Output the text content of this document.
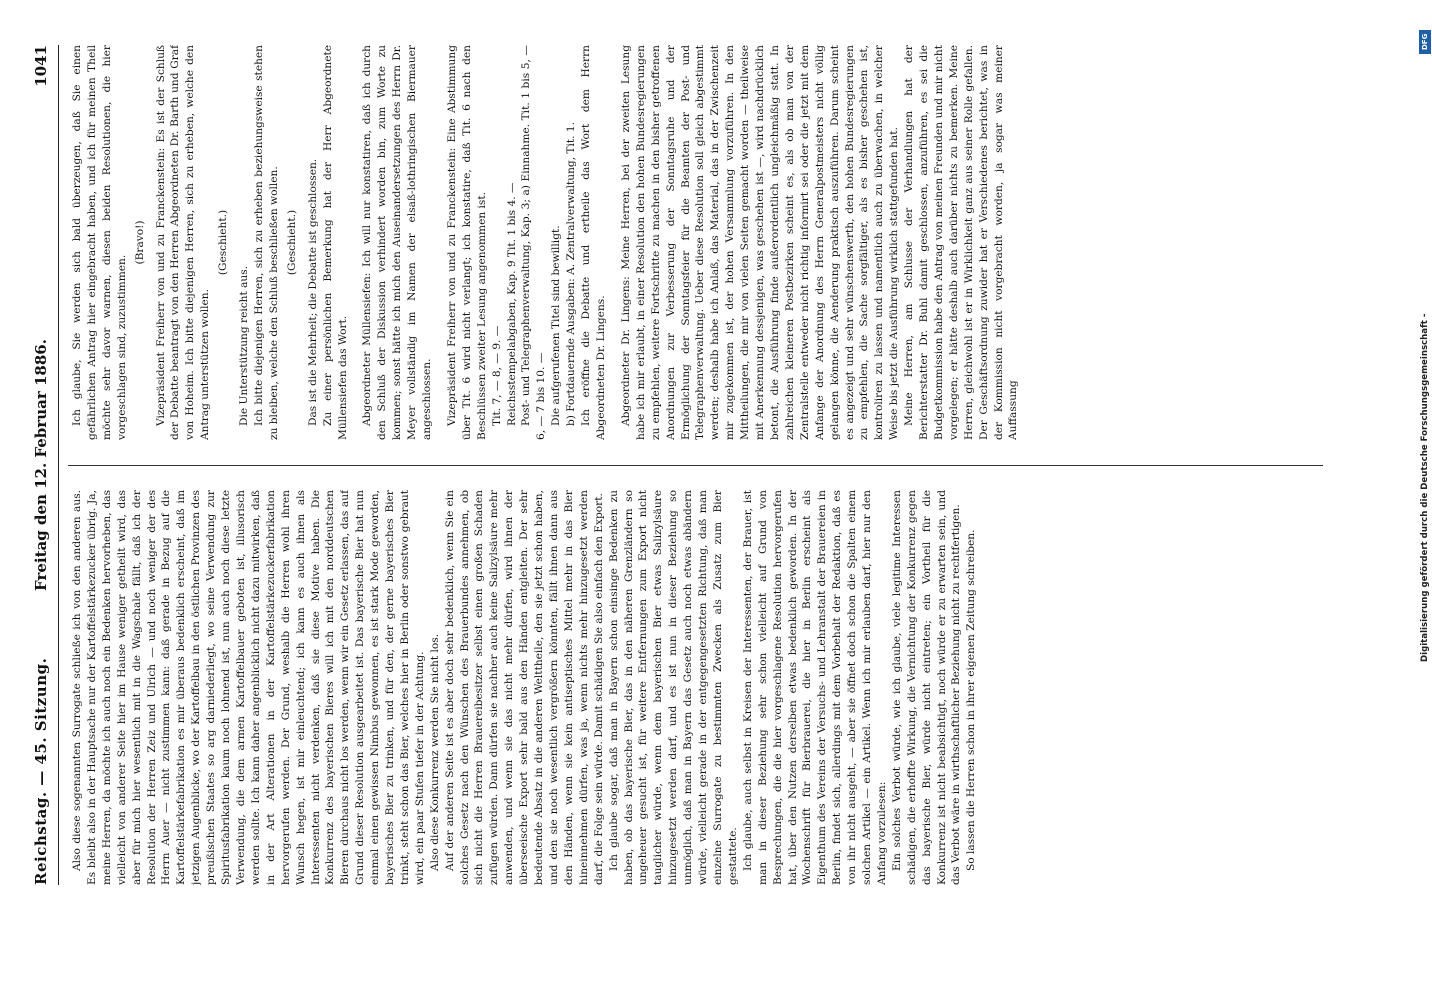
Reichstag. — 45. Sitzung.
Freitag den 12. Februar 1886.
1041

Also diese sogenannten Surrogate schließe ich von den anderen aus. Es bleibt also in der Hauptsache nur der Kartoffelstärkezucker übrig. Ja, meine Herren, da möchte ich auch noch ein Bedenken hervorheben, das vielleicht von anderer Seite hier im Hause weniger getheilt wird, das aber für mich hier wesentlich mit in die Wagschale fällt, daß ich der Resolution der Herren Zeiz und Ulrich — und noch weniger der des Herrn Auer — nicht zustimmen kann: daß gerade in Bezug auf die Kartoffelstärkefabrikation es mir überaus bedenklich erscheint, daß im jetzigen Augenblicke, wo der Kartoffelbau in den östlichen Provinzen des preußischen Staates so arg darniederliegt, wo seine Verwendung zur Spiritusfabrikation kaum noch lohnend ist, nun auch noch diese letzte Verwendung, die dem armen Kartoffelbauer geboten ist, illusorisch werden sollte. Ich kann daher angenblicklich nicht dazu mitwirken, daß in der Art Alterationen in der Kartoffelstärkezuckerfabrikation hervorgerufen werden. Der Grund, weshalb die Herren wohl ihren Wunsch hegen, ist mir einleuchtend; ich kann es auch ihnen als Interessenten nicht verdenken, daß sie diese Motive haben. Die Konkurrenz des bayerischen Bieres will ich mit den norddeutschen Bieren durchaus nicht los werden, wenn wir ein Gesetz erlassen, das auf Grund dieser Resolution ausgearbeitet ist. Das bayerische Bier hat nun einmal einen gewissen Nimbus gewonnen, es ist stark Mode geworden, bayerisches Bier zu trinken, und für den, der gerne bayerisches Bier trinkt, steht schon das Bier, welches hier in Berlin oder sonstwo gebraut wird, ein paar Stufen tiefer in der Achtung. Also diese Konkurrenz werden Sie nicht los. Auf der anderen Seite ist es aber doch sehr bedenklich, wenn Sie ein solches Gesetz nach den Wünschen des Brauerbundes annehmen, ob sich nicht die Herren Brauereibesitzer selbst einen großen Schaden zufügen würden. Dann dürfen sie nachher auch keine Salizylsäure mehr anwenden, und wenn sie das nicht mehr dürfen, wird ihnen der überseeische Export sehr bald aus den Händen entgleiten. Der sehr bedeutende Absatz in die anderen Welttheile, den sie jetzt schon haben, und den sie noch wesentlich vergrößern könnten, fällt ihnen dann aus den Händen, wenn sie kein antiseptisches Mittel mehr in das Bier hineinnehmen dürfen, was ja, wenn nichts mehr hinzugesetzt werden darf, die Folge sein würde. Damit schädigen Sie also einfach den Export. Ich glaube sogar, daß man in Bayern schon einsinge Bedenken zu haben, ob das bayerische Bier, das in den näheren Grenzländern so ungeheuer gesucht ist, für weitere Entfernungen zum Export nicht tauglicher würde, wenn dem bayerischen Bier etwas Salizylsäure hinzugesetzt werden darf, und es ist nun in dieser Beziehung so unmöglich, daß man in Bayern das Gesetz auch noch etwas abändern würde, vielleicht gerade in der entgegengesetzten Richtung, daß man einzelne Surrogate zu bestimmten Zwecken als Zusatz zum Bier gestattete. Ich glaube, auch selbst in Kreisen der Interessenten, der Brauer, ist man in dieser Beziehung sehr schon vielleicht auf Grund von Besprechungen, die die hier vorgeschlagene Resolution hervorgerufen hat, über den Nutzen derselben etwas bedenklich geworden. In der Wochenschrift für Bierbrauerei, die hier in Berlin erscheint als Eigenthum des Vereins der Versuchs- und Lehranstalt der Brauereien in Berlin, findet sich, allerdings mit dem Vorbehalt der Redaktion, daß es von ihr nicht ausgeht, — aber sie öffnet doch schon die Spalten einem solchen Artikel — ein Artikel. Wenn ich mir erlauben darf, hier nur den Anfang vorzulesen: Ein solches Verbot würde, wie ich glaube, viele legitime Interessen schädigen, die erhoffte Wirkung, die Vernichtung der Konkurrenz gegen das bayerische Bier, würde nicht eintreten; ein Vortheil für die Konkurrenz ist nicht beabsichtigt, noch würde er zu erwarten sein, und das Verbot wäre in wirthschaftlicher Beziehung nicht zu rechtfertigen. So lassen die Herren schon in ihrer eigenen Zeitung schreiben.

Ich glaube, Sie werden sich bald überzeugen, daß Sie einen gefährlichen Antrag hier eingebracht haben, und ich für meinen Theil möchte sehr davor warnen, diesen beiden Resolutionen, die hier vorgeschlagen sind, zuzustimmen.

(Bravo!) Vizepräsident Freiherr von und zu Franckenstein: Es ist der Schluß der Debatte beantragt von den Herren Abgeordneten Dr. Barth und Graf von Hoheim. Ich bitte diejenigen Herren, sich zu erheben, welche den Antrag unterstützen wollen.

(Geschieht.)

Die Unterstützung reicht aus. Ich bitte diejenigen Herren, sich zu erheben beziehungsweise stehen zu bleiben, welche den Schluß beschließen wollen. (Geschieht.) Das ist die Mehrheit; die Debatte ist geschlossen. Zu einer persönlichen Bemerkung hat der Herr Abgeordnete Müllensiefen das Wort. Abgeordneter Müllensiefen: Ich will nur konstatiren, daß ich durch den Schluß der Diskussion verhindert worden bin, zum Worte zu kommen; sonst hätte ich mich den Auseinandersetzungen des Herrn Dr. Meyer vollständig im Namen der elsaß-lothringischen Biermauer angeschlossen. Vizepräsident Freiherr von und zu Franckenstein: Eine Abstimmung über Tit. 6 wird nicht verlangt; ich konstatire, daß Tit. 6 nach den Beschlüssen zweiter Lesung angenommen ist. Tit. 7, — 8, — 9. — Reichsstempelabgaben, Kap. 9 Tit. 1 bis 4. — Post- und Telegraphenverwaltung, Kap. 3; a) Einnahme. Tit. 1 bis 5, — 6, — 7 bis 10. — Die aufgerufenen Titel sind bewilligt. b) Fortdauernde Ausgaben: A. Zentralverwaltung, Tit. 1. Ich eröffne die Debatte und ertheile das Wort dem Herrn Abgeordneten Dr. Lingens. Abgeordneter Dr. Lingens: Meine Herren, bei der zweiten Lesung habe ich mir erlaubt, in einer Resolution den hohen Bundesregierungen zu empfehlen, weitere Fortschritte zu machen in den bisher getroffenen Anordnungen zur Verbesserung der Sonntagsruhe und der Ermöglichung der Sonntagsfeier für die Beamten der Post- und Telegraphenverwaltung. Ueber diese Resolution soll gleich abgestimmt werden; deshalb habe ich Anlaß, das Material, das in der Zwischenzeit mir zugekommen ist, der hohen Versammlung vorzuführen. In den Mittheilungen, die mir von vielen Seiten gemacht worden — theilweise mit Anerkennung dessjenigen, was geschehen ist —, wird nachdrücklich betont, die Ausführung finde außerordentlich ungleichmäßig statt. In zahlreichen kleineren Postbezirken scheint es, als ob man von der Zentralstelle entweder nicht richtig informirt sei oder die jetzt mit dem Anfange der Anordnung des Herrn Generalpostmeisters nicht völlig gelangen könne, die Aenderung praktisch auszuführen. Darum scheint es angezeigt und sehr wünschenswerth, den hohen Bundesregierungen zu empfehlen, die Sache sorgfältiger, als es bisher geschehen ist, kontroliren zu lassen und namentlich auch zu überwachen, in welcher Weise bis jetzt die Ausführung wirklich stattgefunden hat. Meine Herren, am Schlusse der Verhandlungen hat der Berichterstatter Dr. Buhl damit geschlossen, anzuführen, es sei die Budgetkommission habe den Antrag von meinen Freunden und mir nicht vorgelegen; er hätte deshalb auch darüber nichts zu bemerken. Meine Herren, gleichwohl ist er in Wirklichkeit ganz aus seiner Rolle gefallen. Der Geschäftsordnung zuwider hat er Verschiedenes berichtet, was in der Kommission nicht vorgebracht worden, ja sogar was meiner Auffassung

DFG
Digitalisierung gefördert durch die Deutsche Forschungsgemeinschaft -
